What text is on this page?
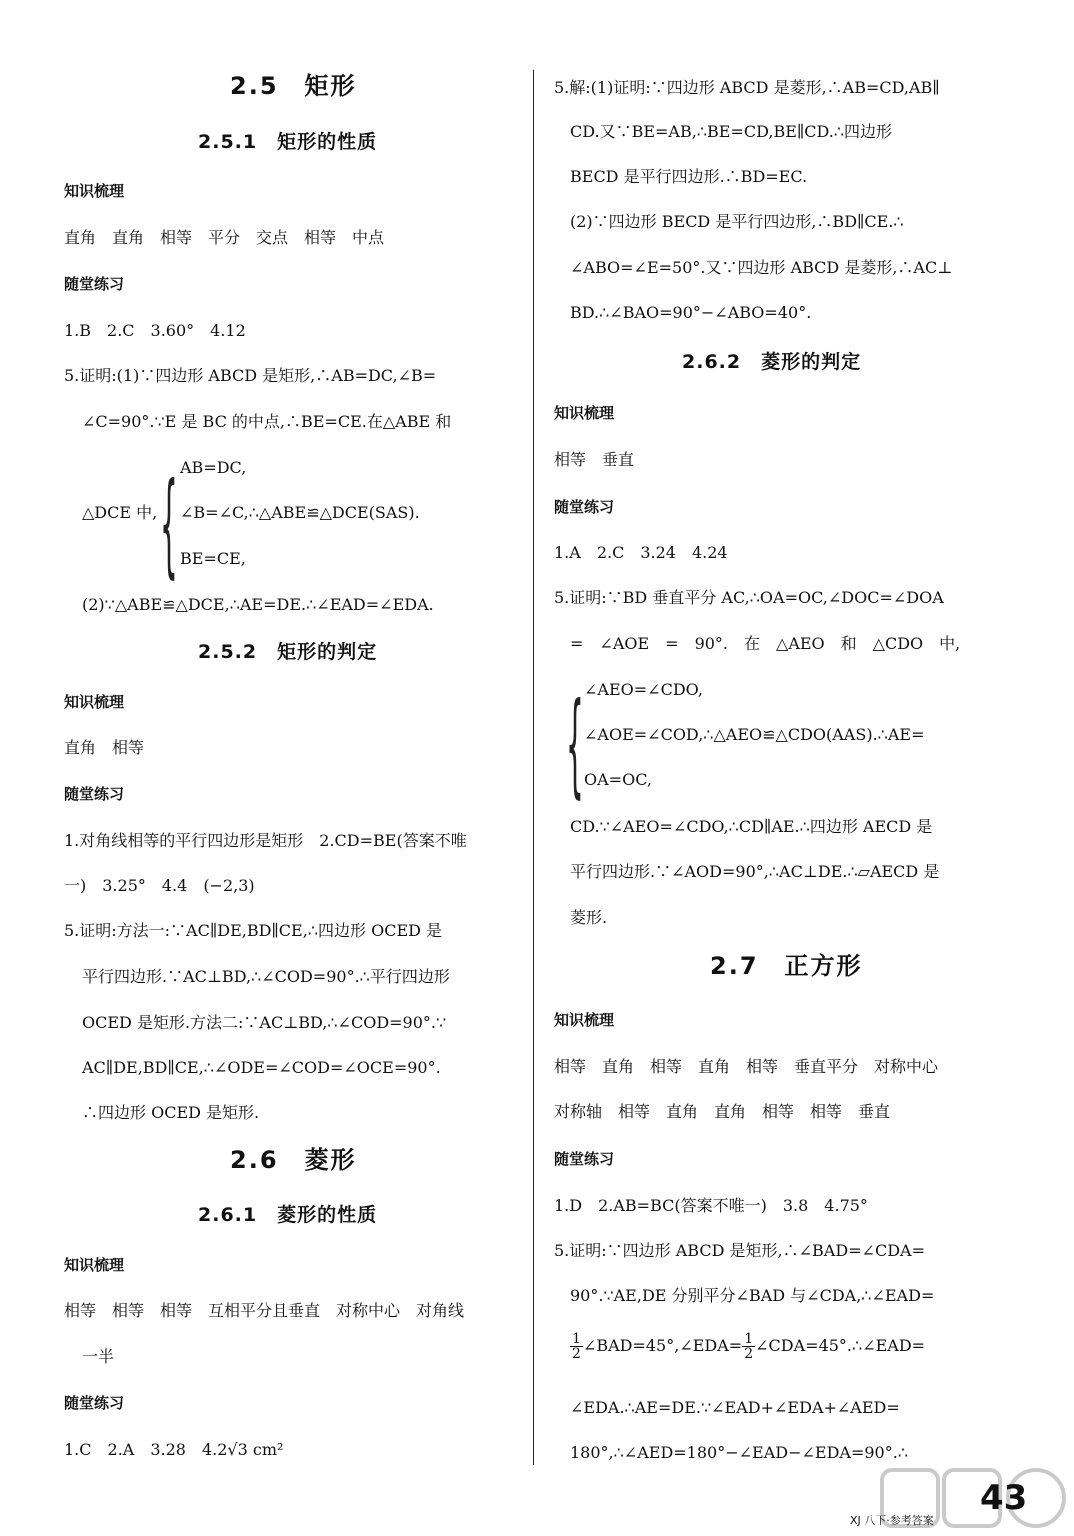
2.5　矩形
2.5.1　矩形的性质
知识梳理
直角　直角　相等　平分　交点　相等　中点
随堂练习
1.B　2.C　3.60°　4.12
5.证明:(1)∵四边形 ABCD 是矩形,∴AB=DC,∠B=
∠C=90°.∵E 是 BC 的中点,∴BE=CE.在△ABE 和
AB=DC,
△DCE 中, { ∠B=∠C,∴△ABE≌△DCE(SAS).
BE=CE,
(2)∵△ABE≌△DCE,∴AE=DE.∴∠EAD=∠EDA.
2.5.2　矩形的判定
知识梳理
直角　相等
随堂练习
1.对角线相等的平行四边形是矩形　2.CD=BE(答案不唯
一)　3.25°　4.4　(−2,3)
5.证明:方法一:∵AC∥DE,BD∥CE,∴四边形 OCED 是
平行四边形.∵AC⊥BD,∴∠COD=90°.∴平行四边形
OCED 是矩形.方法二:∵AC⊥BD,∴∠COD=90°.∵
AC∥DE,BD∥CE,∴∠ODE=∠COD=∠OCE=90°.
∴四边形 OCED 是矩形.
2.6　菱形
2.6.1　菱形的性质
知识梳理
相等　相等　相等　互相平分且垂直　对称中心　对角线
一半
随堂练习
1.C　2.A　3.28　4.2√3 cm²
5.解:(1)证明:∵四边形 ABCD 是菱形,∴AB=CD,AB∥
CD.又∵BE=AB,∴BE=CD,BE∥CD.∴四边形
BECD 是平行四边形.∴BD=EC.
(2)∵四边形 BECD 是平行四边形,∴BD∥CE.∴
∠ABO=∠E=50°.又∵四边形 ABCD 是菱形,∴AC⊥
BD.∴∠BAO=90°−∠ABO=40°.
2.6.2　菱形的判定
知识梳理
相等　垂直
随堂练习
1.A　2.C　3.24　4.24
5.证明:∵BD 垂直平分 AC,∴OA=OC,∠DOC=∠DOA
=　∠AOE　=　90°.　在　△AEO　和　△CDO　中,
{ ∠AEO=∠CDO,
∠AOE=∠COD,∴△AEO≌△CDO(AAS).∴AE=
OA=OC,
CD.∵∠AEO=∠CDO,∴CD∥AE.∴四边形 AECD 是
平行四边形.∵∠AOD=90°,∴AC⊥DE.∴▱AECD 是
菱形.
2.7　正方形
知识梳理
相等　直角　相等　直角　相等　垂直平分　对称中心
对称轴　相等　直角　直角　相等　相等　垂直
随堂练习
1.D　2.AB=BC(答案不唯一)　3.8　4.75°
5.证明:∵四边形 ABCD 是矩形,∴∠BAD=∠CDA=
90°.∵AE,DE 分别平分∠BAD 与∠CDA,∴∠EAD=
$\frac{1}{2}$ ∠BAD=45°,∠EDA= $\frac{1}{2}$ ∠CDA=45°.∴∠EAD=
∠EDA.∴AE=DE.∵∠EAD+∠EDA+∠AED=
180°,∴∠AED=180°−∠EAD−∠EDA=90°.∴
XJ 八下·参考答案
43
